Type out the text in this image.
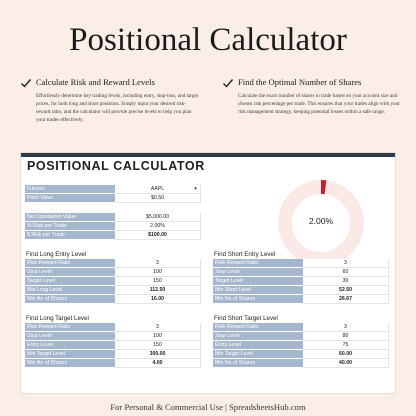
Positional Calculator
Calculate Risk and Reward Levels
Effortlessly determine key trading levels, including entry, stop-loss, and target prices, for both long and short positions. Simply input your desired risk-reward ratio, and the calculator will provide precise levels to help you plan your trades effectively.
Find the Optimal Number of Shares
Calculate the exact number of shares to trade based on your account size and chosen risk percentage per trade. This ensures that your trades align with your risk management strategy, keeping potential losses within a safe range.
POSITIONAL CALCULATOR
Futures	AAPL ▾

Point Value	$0.50
Net Liquidation Value	$5,000.00
% Risk per Trade	2.00%
$ Risk per Trade	$100.00
2.00%
Find Long Entry Level
Risk-Reward Ratio	3
Stop Level	100
Target Level	150
Min Long Level	112.50
Min No of Shares	16.00
Find Short Entry Level
Risk-Reward Ratio	3
Stop Level	60
Target Level	30
Min Short Level	52.50
Min No of Shares	26.67
Find Long Target Level
Risk-Reward Ratio	3
Stop Level	100
Entry Level	150
Min Target Level	300.00
Min No of Shares	4.00
Find Short Target Level
Risk-Reward Ratio	3
Stop Level	80
Entry Level	75
Min Target Level	60.00
Min No of Shares	40.00
For Personal & Commercial Use | SpreadsheetsHub.com
